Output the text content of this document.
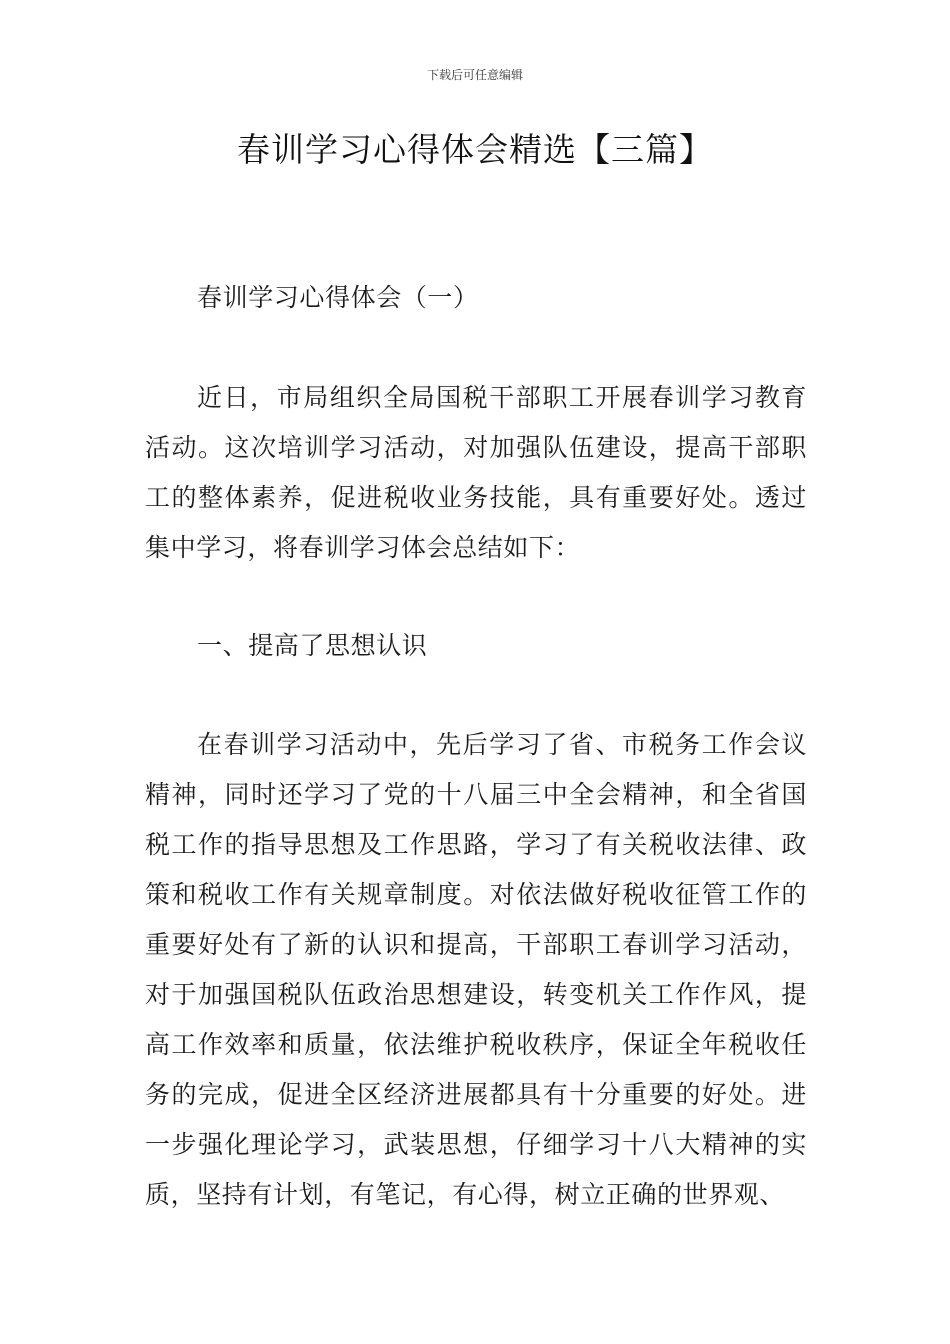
下载后可任意编辑
春训学习心得体会精选【三篇】

春训学习心得体会（一）

近日，市局组织全局国税干部职工开展春训学习教育活动。这次培训学习活动，对加强队伍建设，提高干部职工的整体素养，促进税收业务技能，具有重要好处。透过集中学习，将春训学习体会总结如下：

一、提高了思想认识

在春训学习活动中，先后学习了省、市税务工作会议精神，同时还学习了党的十八届三中全会精神，和全省国税工作的指导思想及工作思路，学习了有关税收法律、政策和税收工作有关规章制度。对依法做好税收征管工作的重要好处有了新的认识和提高，干部职工春训学习活动，对于加强国税队伍政治思想建设，转变机关工作作风，提高工作效率和质量，依法维护税收秩序，保证全年税收任务的完成，促进全区经济进展都具有十分重要的好处。进一步强化理论学习，武装思想，仔细学习十八大精神的实质，坚持有计划，有笔记，有心得，树立正确的世界观、
